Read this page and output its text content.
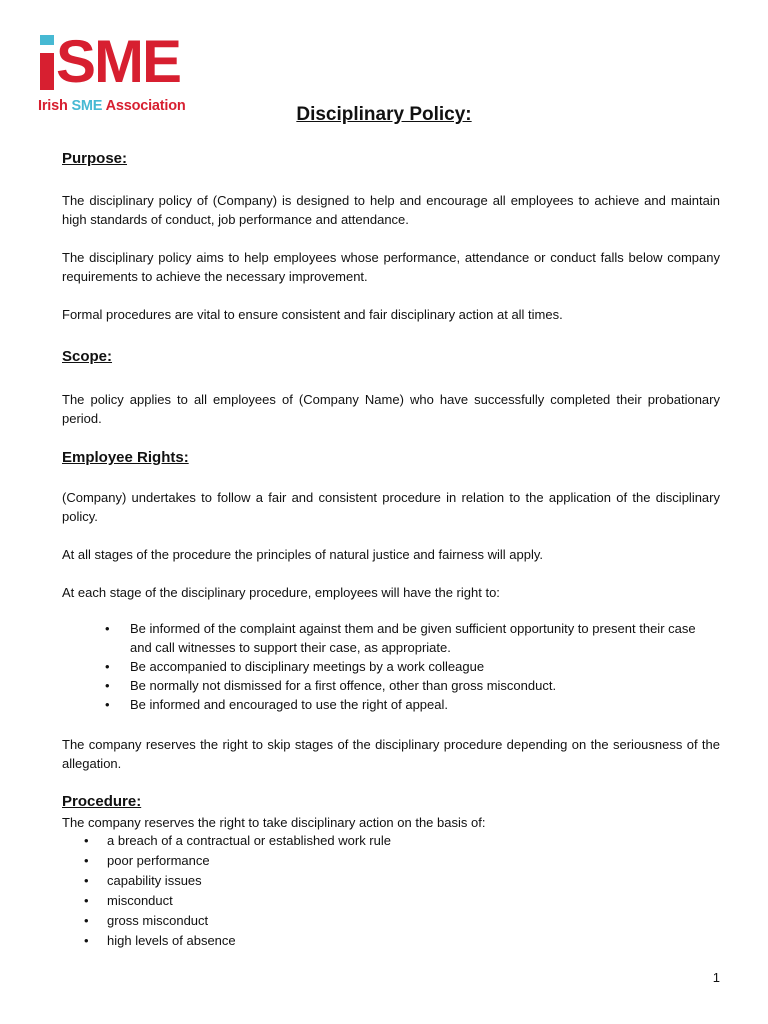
SME
Irish SME Association	Disciplinary Policy:
Purpose:

The disciplinary policy of (Company) is designed to help and encourage all employees to achieve and maintain high standards of conduct, job performance and attendance.

The disciplinary policy aims to help employees whose performance, attendance or conduct falls below company requirements to achieve the necessary improvement.

Formal procedures are vital to ensure consistent and fair disciplinary action at all times.

Scope:

The policy applies to all employees of (Company Name) who have successfully completed their probationary period.

Employee Rights:

(Company) undertakes to follow a fair and consistent procedure in relation to the application of the disciplinary policy.

At all stages of the procedure the principles of natural justice and fairness will apply.

At each stage of the disciplinary procedure, employees will have the right to:

• Be informed of the complaint against them and be given sufficient opportunity to present their case and call witnesses to support their case, as appropriate.
• Be accompanied to disciplinary meetings by a work colleague
• Be normally not dismissed for a first offence, other than gross misconduct.
• Be informed and encouraged to use the right of appeal.

The company reserves the right to skip stages of the disciplinary procedure depending on the seriousness of the allegation.

Procedure:

The company reserves the right to take disciplinary action on the basis of:

• a breach of a contractual or established work rule
• poor performance
• capability issues
• misconduct
• gross misconduct
• high levels of absence
1
